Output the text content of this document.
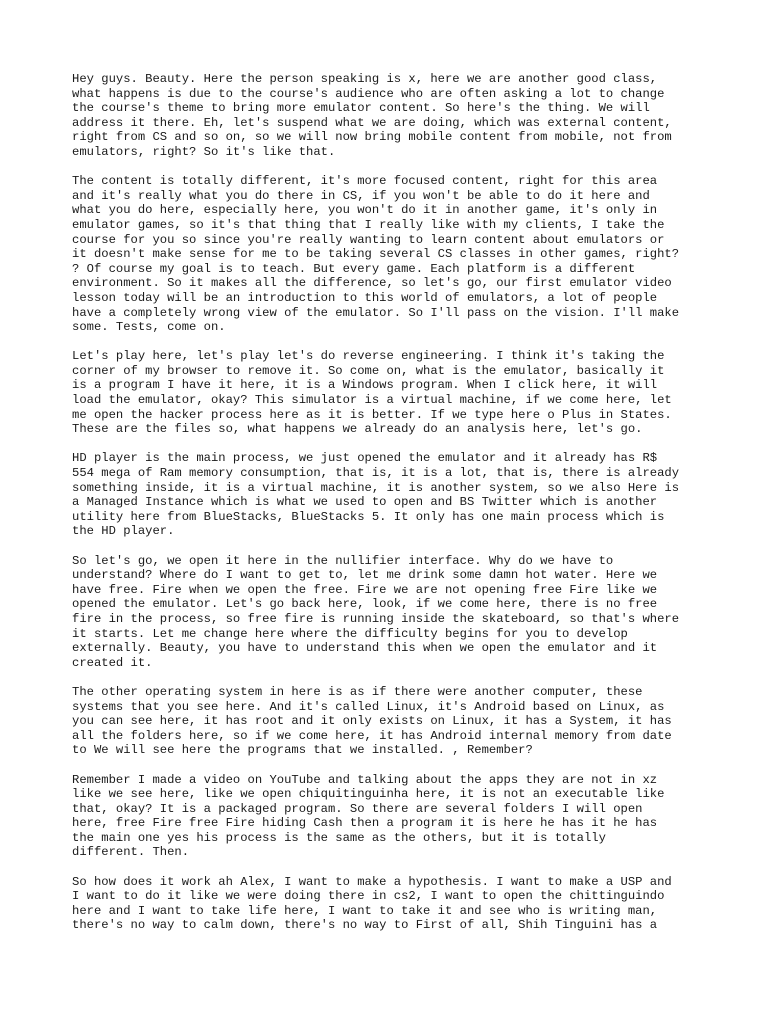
Hey guys. Beauty. Here the person speaking is x, here we are another good class,
what happens is due to the course's audience who are often asking a lot to change
the course's theme to bring more emulator content. So here's the thing. We will
address it there. Eh, let's suspend what we are doing, which was external content,
right from CS and so on, so we will now bring mobile content from mobile, not from
emulators, right? So it's like that.

The content is totally different, it's more focused content, right for this area
and it's really what you do there in CS, if you won't be able to do it here and
what you do here, especially here, you won't do it in another game, it's only in
emulator games, so it's that thing that I really like with my clients, I take the
course for you so since you're really wanting to learn content about emulators or
it doesn't make sense for me to be taking several CS classes in other games, right?
? Of course my goal is to teach. But every game. Each platform is a different
environment. So it makes all the difference, so let's go, our first emulator video
lesson today will be an introduction to this world of emulators, a lot of people
have a completely wrong view of the emulator. So I'll pass on the vision. I'll make
some. Tests, come on.

Let's play here, let's play let's do reverse engineering. I think it's taking the
corner of my browser to remove it. So come on, what is the emulator, basically it
is a program I have it here, it is a Windows program. When I click here, it will
load the emulator, okay? This simulator is a virtual machine, if we come here, let
me open the hacker process here as it is better. If we type here o Plus in States.
These are the files so, what happens we already do an analysis here, let's go.

HD player is the main process, we just opened the emulator and it already has R$
554 mega of Ram memory consumption, that is, it is a lot, that is, there is already
something inside, it is a virtual machine, it is another system, so we also Here is
a Managed Instance which is what we used to open and BS Twitter which is another
utility here from BlueStacks, BlueStacks 5. It only has one main process which is
the HD player.

So let's go, we open it here in the nullifier interface. Why do we have to
understand? Where do I want to get to, let me drink some damn hot water. Here we
have free. Fire when we open the free. Fire we are not opening free Fire like we
opened the emulator. Let's go back here, look, if we come here, there is no free
fire in the process, so free fire is running inside the skateboard, so that's where
it starts. Let me change here where the difficulty begins for you to develop
externally. Beauty, you have to understand this when we open the emulator and it
created it.

The other operating system in here is as if there were another computer, these
systems that you see here. And it's called Linux, it's Android based on Linux, as
you can see here, it has root and it only exists on Linux, it has a System, it has
all the folders here, so if we come here, it has Android internal memory from date
to We will see here the programs that we installed. , Remember?

Remember I made a video on YouTube and talking about the apps they are not in xz
like we see here, like we open chiquitinguinha here, it is not an executable like
that, okay? It is a packaged program. So there are several folders I will open
here, free Fire free Fire hiding Cash then a program it is here he has it he has
the main one yes his process is the same as the others, but it is totally
different. Then.

So how does it work ah Alex, I want to make a hypothesis. I want to make a USP and
I want to do it like we were doing there in cs2, I want to open the chittinguindo
here and I want to take life here, I want to take it and see who is writing man,
there's no way to calm down, there's no way to First of all, Shih Tinguini has a
